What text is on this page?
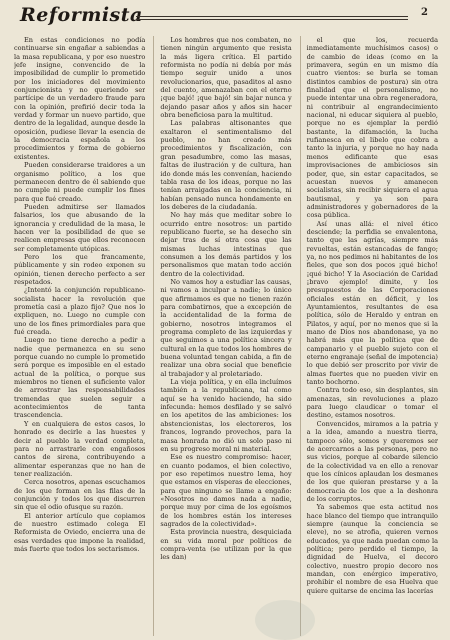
Reformista	2

En estas condiciones no podía continuarse sin engañar a sabiendas a la masa republicana, y por eso nuestro jefe insigne, convencido de la imposibilidad de cumplir lo prometido por los iniciadores del movimiento conjuncionista y no queriendo ser partícipe de un verdadero fraude para con la opinión, prefirió decir toda la verdad y formar un nuevo partido, que dentro de la legalidad, aunque desde la oposición, pudiese llevar la esencia de la democracia española a los procedimientos y forma de gobierno existentes.

Pueden considerarse traidores a un organismo político, a los que permanecen dentro de él sabiendo que no cumple ni puede cumplir los fines para que fué creado.

Pueden admitirse ser llamados falsarios, los que abusando de la ignorancia y credulidad de la masa, le hacen ver la posibilidad de que se realicen empresas que ellos reconocen ser completamente utópicas.

Pero los que francamente, públicamente y sin rodeo exponen su opinión, tienen derecho perfecto a ser respetados.

¿Intentó la conjunción republicano-socialista hacer la revolución que prometía casi a plazo fijo? Que nos lo expliquen, no. Luego no cumple con uno de los fines primordiales para que fué creada.

Luego no tiene derecho a pedir a nadie que permanezca en su seno porque cuando no cumple lo prometido será porque es imposible en el estado actual de la política, o porque sus miembros no tienen el suficiente valor de arrostrar las responsabilidades tremendas que suelen seguir a acontecimientos de tanta trascendencia.

Y en cualquiera de estos casos, lo honrado es decirle a las huestes y decir al pueblo la verdad completa, para no arrastrarle con engañosos cantos de sirena, contribuyendo a alimentar esperanzas que no han de tener realización.

Cerca nosotros, apenas escuchamos de los que forman en las filas de la conjunción y todos los que discurren sin que el odio ofusque su razón.

El anterior artículo que copiamos de nuestro estimado colega El Reformista de Oviedo, encierra una de esas verdades que impone la realidad, más fuerte que todos los sectarismos.

Los hombres que nos combaten, no tienen ningún argumento que resista la más ligera crítica. El partido reformista no podía ni debía por más tiempo seguir unido a unos revolucionarios, que, pasaditos al asno del cuento, amenazaban con el eterno ¡que bajó! ¡que bajó! sin bajar nunca y dejando pasar años y años sin hacer obra beneficiosa para la multitud.

Las palabras altisonantes que exaltaron el sentimentalismo del pueblo, no han creado más procedimientos y fiscalización, con gran pesadumbre, como las masas, faltas de ilustración y de cultura, han ido donde más les convenían, haciendo tabla rasa de los ideas, porque no las tenían arraigadas en la conciencia, ni habían pensado nunca hondamente en los deberes de la ciudadanía.

No hay más que meditar sobre lo ocurrido entre nosotros: un partido republicano fuerte, se ha desecho sin dejar tras de sí otra cosa que las mismas luchas intestinas que consumen a los demás partidos y los personalismos que matan todo acción dentro de la colectividad.

No vamos hoy a estudiar las causas, ni vamos a inculpar a nadie; lo único que afirmamos es que no tienen razón para combatirnos, que a excepción de la accidentalidad de la forma de gobierno, nosotros integramos el programa completo de las izquierdas y que seguimos a una política sincera y cultural en la que todos los hombres de buena voluntad tengan cabida, a fin de realizar una obra social que beneficie al trabajador y al proletariado.

La vieja política, y en ella incluímos también a la republicana, tal como aquí se ha venido haciendo, ha sido infecunda: hemos desfilado y se salvó en los apetitos de las ambiciones: los abstencionistas, los electoreros, los francos, logrando provechos, para la masa honrada no dió un solo paso ni en su progreso moral ni material.

Ese es nuestro compromiso: hacer, en cuanto podamos, el bien colectivo, por eso repetimos nuestro lema, hoy que estamos en vísperas de elecciones, para que ninguno se llame a engaño: «Nosotros no damos nada a nadie, porque muy por cima de los egoísmos de los hombres están los intereses sagrados de la colectividad».

Esta provincia nuestra, desquiciada en su vida moral por políticos de compra-venta (se utilizan por la que les dan)

el que los, recuerda inmediatamente muchísimos casos) o de cambio de ideas (como en la primavera, según en un mismo día cuatro vientos: se burla se toman distintos cambios de postura) sin otra finalidad que el personalismo, no puede intentar una obra regeneradora, ni contribuir al engrandecimiento nacional, ni educar siquiera al pueblo, porque no es ejemplar la perdió bastante, la difamación, la lucha rufianesca en el libelo que cobra a tanto la injuria, y porque no hay nada menos edificante que esas improvisaciones de ambiciosos sin poder, que, sin estar capacitados, se acuestan nuevos y amanecen socialistas, sin recibir siquiera el agua bautismal, y ya son para administradores y gobernadores de la cosa pública.

Así unas allá: el nivel ético desciende; la perfidia se envalentona, tanto que las agrías, siempre más revueltas, están estancadas de fango; ya, no nos pedimos ni habitantes de los fieles, que son dos pocos ¡qué bicho! ¡qué bicho! Y la Asociación de Caridad ¡bravo ejemplo! dimite, y los presupuestos de las Corporaciones oficiales están en déficit, y los Ayuntamientos, resultantes de esa política, sólo de Heraldo y entran en Pilatos, y aquí, por no menos que si la mano de Dios nos abandonase, ya no habrá más que la política que de campanario y el pueblo sujeto con el eterno engranaje (señal de impotencia) lo que debió ser proscrito por vivir de almas fuertes que no pueden vivir en tanto bochorno.

Contra todo eso, sin desplantes, sin amenazas, sin revoluciones a plazo para luego claudicar o tomar el destino, estamos nosotros.

Convencidos, miramos a la patria y a la idea, amando a nuestra tierra, tampoco sólo, somos y queremos ser de acercarnos a las personas, pero no sus vicios, porque al cobarde silencio de la colectividad va en ello a renovar que los cínicos aplaudan los desmanes de los que quieran prestarse y a la democracia de los que a la deshonra de los corruptos.

Ya sabemos que esta actitud nos hace blanco del tiempo que intranquilo siempre (aunque la conciencia se eleve), no se atrofia, quieren vernos educados, ya que nada puedan como la política; pero perdido el tiempo, la dignidad de Huelva, el decoro colectivo, nuestro propio decoro nos mandan, con enérgico imperativo, prohibir el nombre de esa Huelva que quiere quitarse de encima las lacerías
